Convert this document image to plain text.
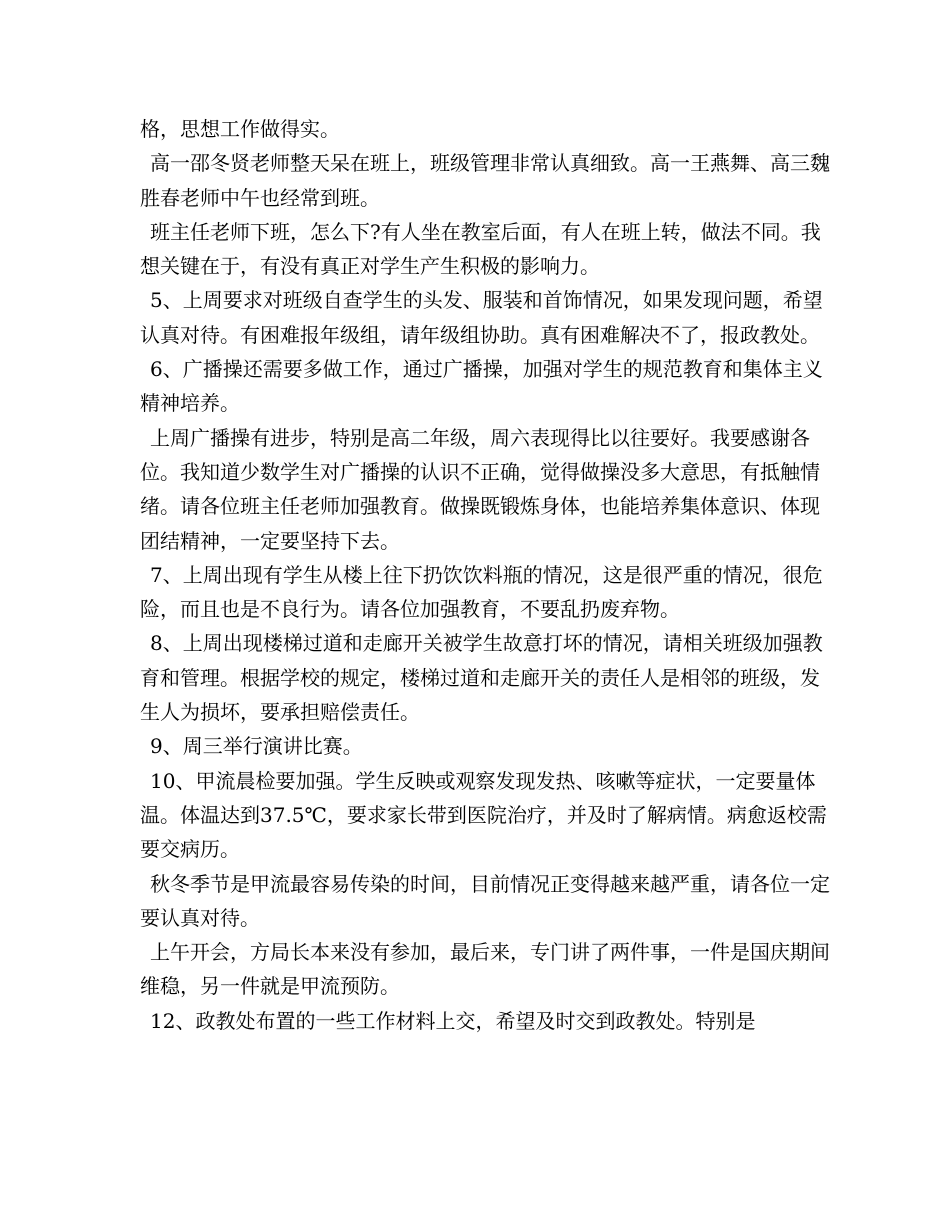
格，思想工作做得实。

高一邵冬贤老师整天呆在班上，班级管理非常认真细致。高一王燕舞、高三魏胜春老师中午也经常到班。

班主任老师下班，怎么下?有人坐在教室后面，有人在班上转，做法不同。我想关键在于，有没有真正对学生产生积极的影响力。

5、上周要求对班级自查学生的头发、服装和首饰情况，如果发现问题，希望认真对待。有困难报年级组，请年级组协助。真有困难解决不了，报政教处。

6、广播操还需要多做工作，通过广播操，加强对学生的规范教育和集体主义精神培养。

上周广播操有进步，特别是高二年级，周六表现得比以往要好。我要感谢各位。我知道少数学生对广播操的认识不正确，觉得做操没多大意思，有抵触情绪。请各位班主任老师加强教育。做操既锻炼身体，也能培养集体意识、体现团结精神，一定要坚持下去。

7、上周出现有学生从楼上往下扔饮饮料瓶的情况，这是很严重的情况，很危险，而且也是不良行为。请各位加强教育，不要乱扔废弃物。

8、上周出现楼梯过道和走廊开关被学生故意打坏的情况，请相关班级加强教育和管理。根据学校的规定，楼梯过道和走廊开关的责任人是相邻的班级，发生人为损坏，要承担赔偿责任。

9、周三举行演讲比赛。

10、甲流晨检要加强。学生反映或观察发现发热、咳嗽等症状，一定要量体温。体温达到37.5℃，要求家长带到医院治疗，并及时了解病情。病愈返校需要交病历。

秋冬季节是甲流最容易传染的时间，目前情况正变得越来越严重，请各位一定要认真对待。

上午开会，方局长本来没有参加，最后来，专门讲了两件事，一件是国庆期间维稳，另一件就是甲流预防。

12、政教处布置的一些工作材料上交，希望及时交到政教处。特别是
